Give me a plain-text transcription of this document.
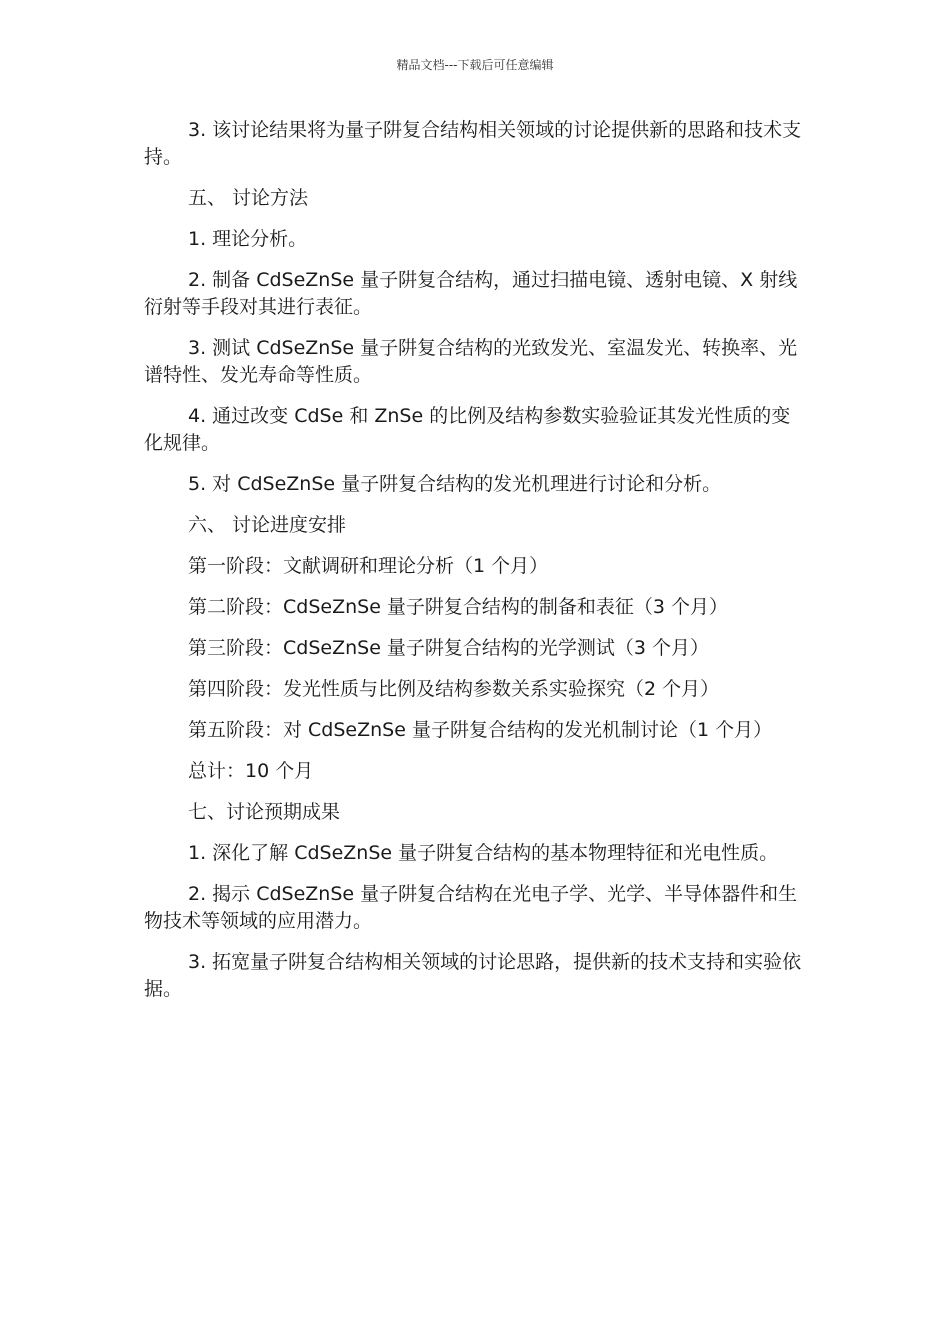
精品文档---下载后可任意编辑

3. 该讨论结果将为量子阱复合结构相关领域的讨论提供新的思路和技术支持。

五、 讨论方法

1. 理论分析。

2. 制备 CdSeZnSe 量子阱复合结构，通过扫描电镜、透射电镜、X 射线衍射等手段对其进行表征。

3. 测试 CdSeZnSe 量子阱复合结构的光致发光、室温发光、转换率、光谱特性、发光寿命等性质。

4. 通过改变 CdSe 和 ZnSe 的比例及结构参数实验验证其发光性质的变化规律。

5. 对 CdSeZnSe 量子阱复合结构的发光机理进行讨论和分析。

六、 讨论进度安排

第一阶段：文献调研和理论分析（1 个月）

第二阶段：CdSeZnSe 量子阱复合结构的制备和表征（3 个月）

第三阶段：CdSeZnSe 量子阱复合结构的光学测试（3 个月）

第四阶段：发光性质与比例及结构参数关系实验探究（2 个月）

第五阶段：对 CdSeZnSe 量子阱复合结构的发光机制讨论（1 个月）

总计：10 个月

七、讨论预期成果

1. 深化了解 CdSeZnSe 量子阱复合结构的基本物理特征和光电性质。

2. 揭示 CdSeZnSe 量子阱复合结构在光电子学、光学、半导体器件和生物技术等领域的应用潜力。

3. 拓宽量子阱复合结构相关领域的讨论思路，提供新的技术支持和实验依据。
